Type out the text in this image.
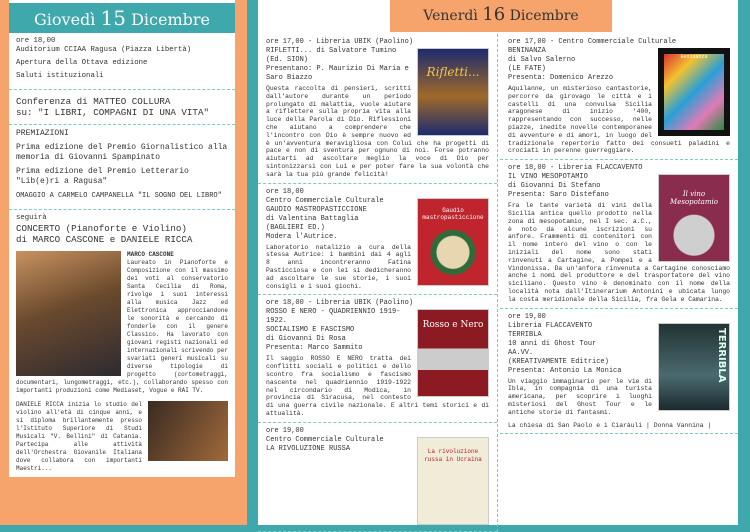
Giovedì 15 Dicembre

ore 18,00
Auditorium CCIAA Ragusa (Piazza Libertà)

Apertura della Ottava edizione

Saluti istituzionali

Conferenza di MATTEO COLLURA
su: "I LIBRI, COMPAGNI DI UNA VITA"

PREMIAZIONI

Prima edizione del Premio Giornalistico alla memoria di Giovanni Spampinato

Prima edizione del Premio Letterario "Lib(e)ri a Ragusa"

OMAGGIO A CARMELO CAMPANELLA "IL SOGNO DEL LIBRO"

seguirà
CONCERTO (Pianoforte e Violino)
di MARCO CASCONE e DANIELE RICCA
MARCO CASCONE
Laureato in Pianoforte e Composizione con il massimo dei voti al conservatorio Santa Cecilia di Roma, rivolge i suoi interessi alla musica Jazz ed Elettronica approcciandone le sonorità e cercando di fonderle con il genere Classico. Ha lavorato con giovani registi nazionali ed internazionali scrivendo per svariati generi musicali su diverse tipologie di progetto (cortometraggi, documentari, lungometraggi, etc.), collaborando spesso con importanti produzioni come Mediaset, Vogue e RAI TV.
DANIELE RICCA inizia lo studio del violino all'età di cinque anni, e si diploma brillantemente presso l'Istituto Superiore di Studi Musicali "V. Bellini" di Catania. Partecipa alle attività dell'Orchestra Giovanile Italiana dove collabora con importanti Maestri...
Venerdì 16 Dicembre
ore 17,00 - Libreria UBIK (Paolino)
Rifletti...
RIFLETTI... di Salvatore Tumino (Ed. SION)
Presentano: P. Maurizio Di Maria e Saro Biazzo
Questa raccolta di pensieri, scritti dall'autore durante un periodo prolungato di malattia, vuole aiutare a riflettere sulla propria vita alla luce della Parola di Dio. Riflessioni che aiutano a comprendere che l'incontro con Dio è sempre nuovo ed è un'avventura meravigliosa con Colui che ha progetti di pace e non di sventura per ognuno di noi. Forse potranno aiutarti ad ascoltare meglio la voce di Dio per sintonizzarsi con Lui e per poter fare la sua volontà che sarà la tua più grande felicità!
ore 18,00
Gaudio mastropasticcione
Centro Commerciale Culturale
GAUDIO MASTROPASTICCIONE
di Valentina Battaglia
(BAGLIERI ED.)
Modera l'Autrice.
Laboratorio natalizio a cura della stessa Autrice: i bambini dai 4 agli 8 anni incontreranno Fatina Pasticciosa e con lei si dedicheranno ad ascoltare le sue storie, i suoi consigli e i suoi giochi.
ore 18,00 - Libreria UBIK (Paolino)
Rosso e Nero
ROSSO E NERO - QUADRIENNIO 1919-1922.
SOCIALISMO E FASCISMO
di Giovanni Di Rosa
Presenta: Marco Sammito
Il saggio ROSSO E NERO tratta dei conflitti sociali e politici e dello scontro fra socialismo e fascismo nascente nel quadriennio 1919-1922 nel circondario di Modica, in provincia di Siracusa, nel contesto di una guerra civile nazionale. E altri temi storici e di attualità.
ore 19,00
La rivoluzione russa in Ucraina
Centro Commerciale Culturale
LA RIVOLUZIONE RUSSA
ore 17,00 - Centro Commerciale Culturale
Beninanza
BENINANZA
di Salvo Salerno
(LE FATE)
Presenta: Domenico Arezzo
Aquilanne, un misterioso cantastorie, percorre da girovago le città e i castelli di una convulsa Sicilia aragonese di inizio '400, rappresentando con successo, nelle piazze, inedite novelle contemporanee di avventure e di amori, in luogo del tradizionale repertorio fatto dei consueti paladini e crociati in perenne guerreggiare.
ore 18,00 - Libreria FLACCAVENTO
Il vino Mesopotamio
IL VINO MESOPOTAMIO
di Giovanni Di Stefano
Presenta: Saro Distefano
Fra le tante varietà di vini della Sicilia antica quello prodotto nella zona di mesopotamio, nel I sec. a.C., è noto da alcune iscrizioni su anfore. Frammenti di contenitori con il nome intero del vino o con le iniziali del nome sono stati rinvenuti a Cartagine, a Pompei e a Vindonissa. Da un'anfora rinvenuta a Cartagine conosciamo anche i nomi del produttore e del trasportatore del vino siciliano. Questo vino è denominato con il nome della località nota dall'Itinerarium Antonini e ubicata lungo la costa meridionale della Sicilia, fra Gela e Camarina.
ore 19,00
TERRIBLA
Libreria FLACCAVENTO
TERRIBLA
10 anni di Ghost Tour
AA.VV.
(KREATIVAMENTE Editrice)
Presenta: Antonio La Monica
Un viaggio immaginario per le vie di Ibla, in compagnia di una turista americana, per scoprire i luoghi misteriosi del Ghost Tour e le antiche storie di fantasmi.
La chiesa di San Paolo e i Ciaràuli | Donna Vannina |
